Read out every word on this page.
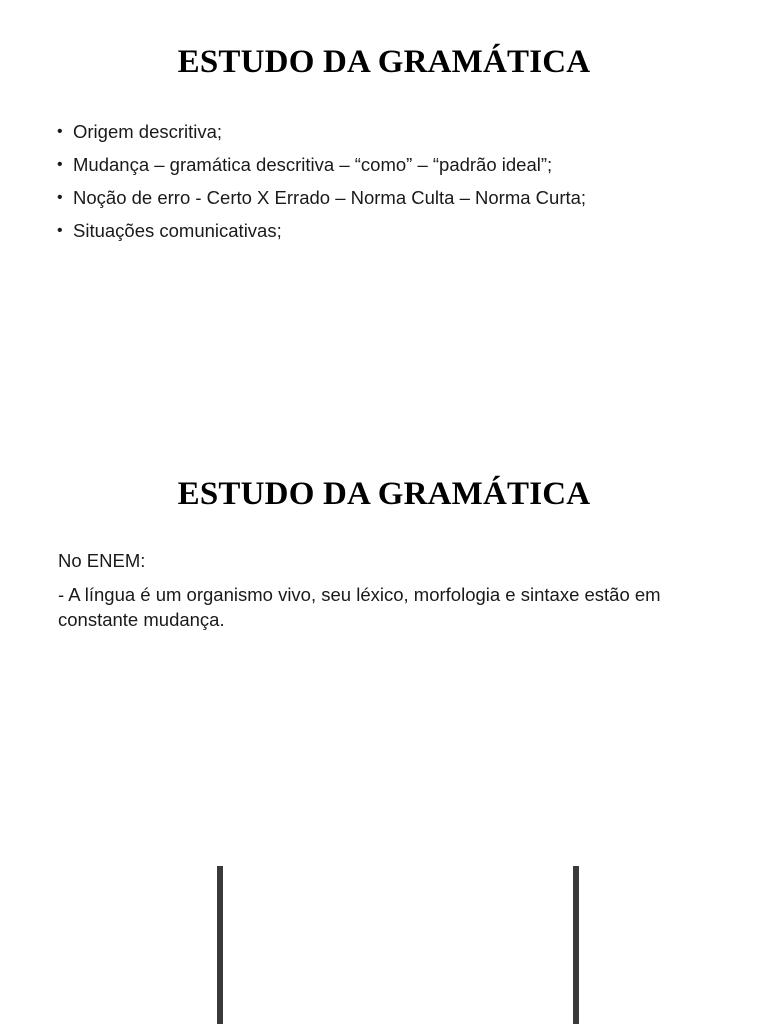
ESTUDO DA GRAMÁTICA
• Origem descritiva;
• Mudança – gramática descritiva – “como” – “padrão ideal”;
• Noção de erro - Certo X Errado – Norma Culta – Norma Curta;
• Situações comunicativas;
ESTUDO DA GRAMÁTICA

No ENEM:

- A língua é um organismo vivo, seu léxico, morfologia e sintaxe estão em constante mudança.
